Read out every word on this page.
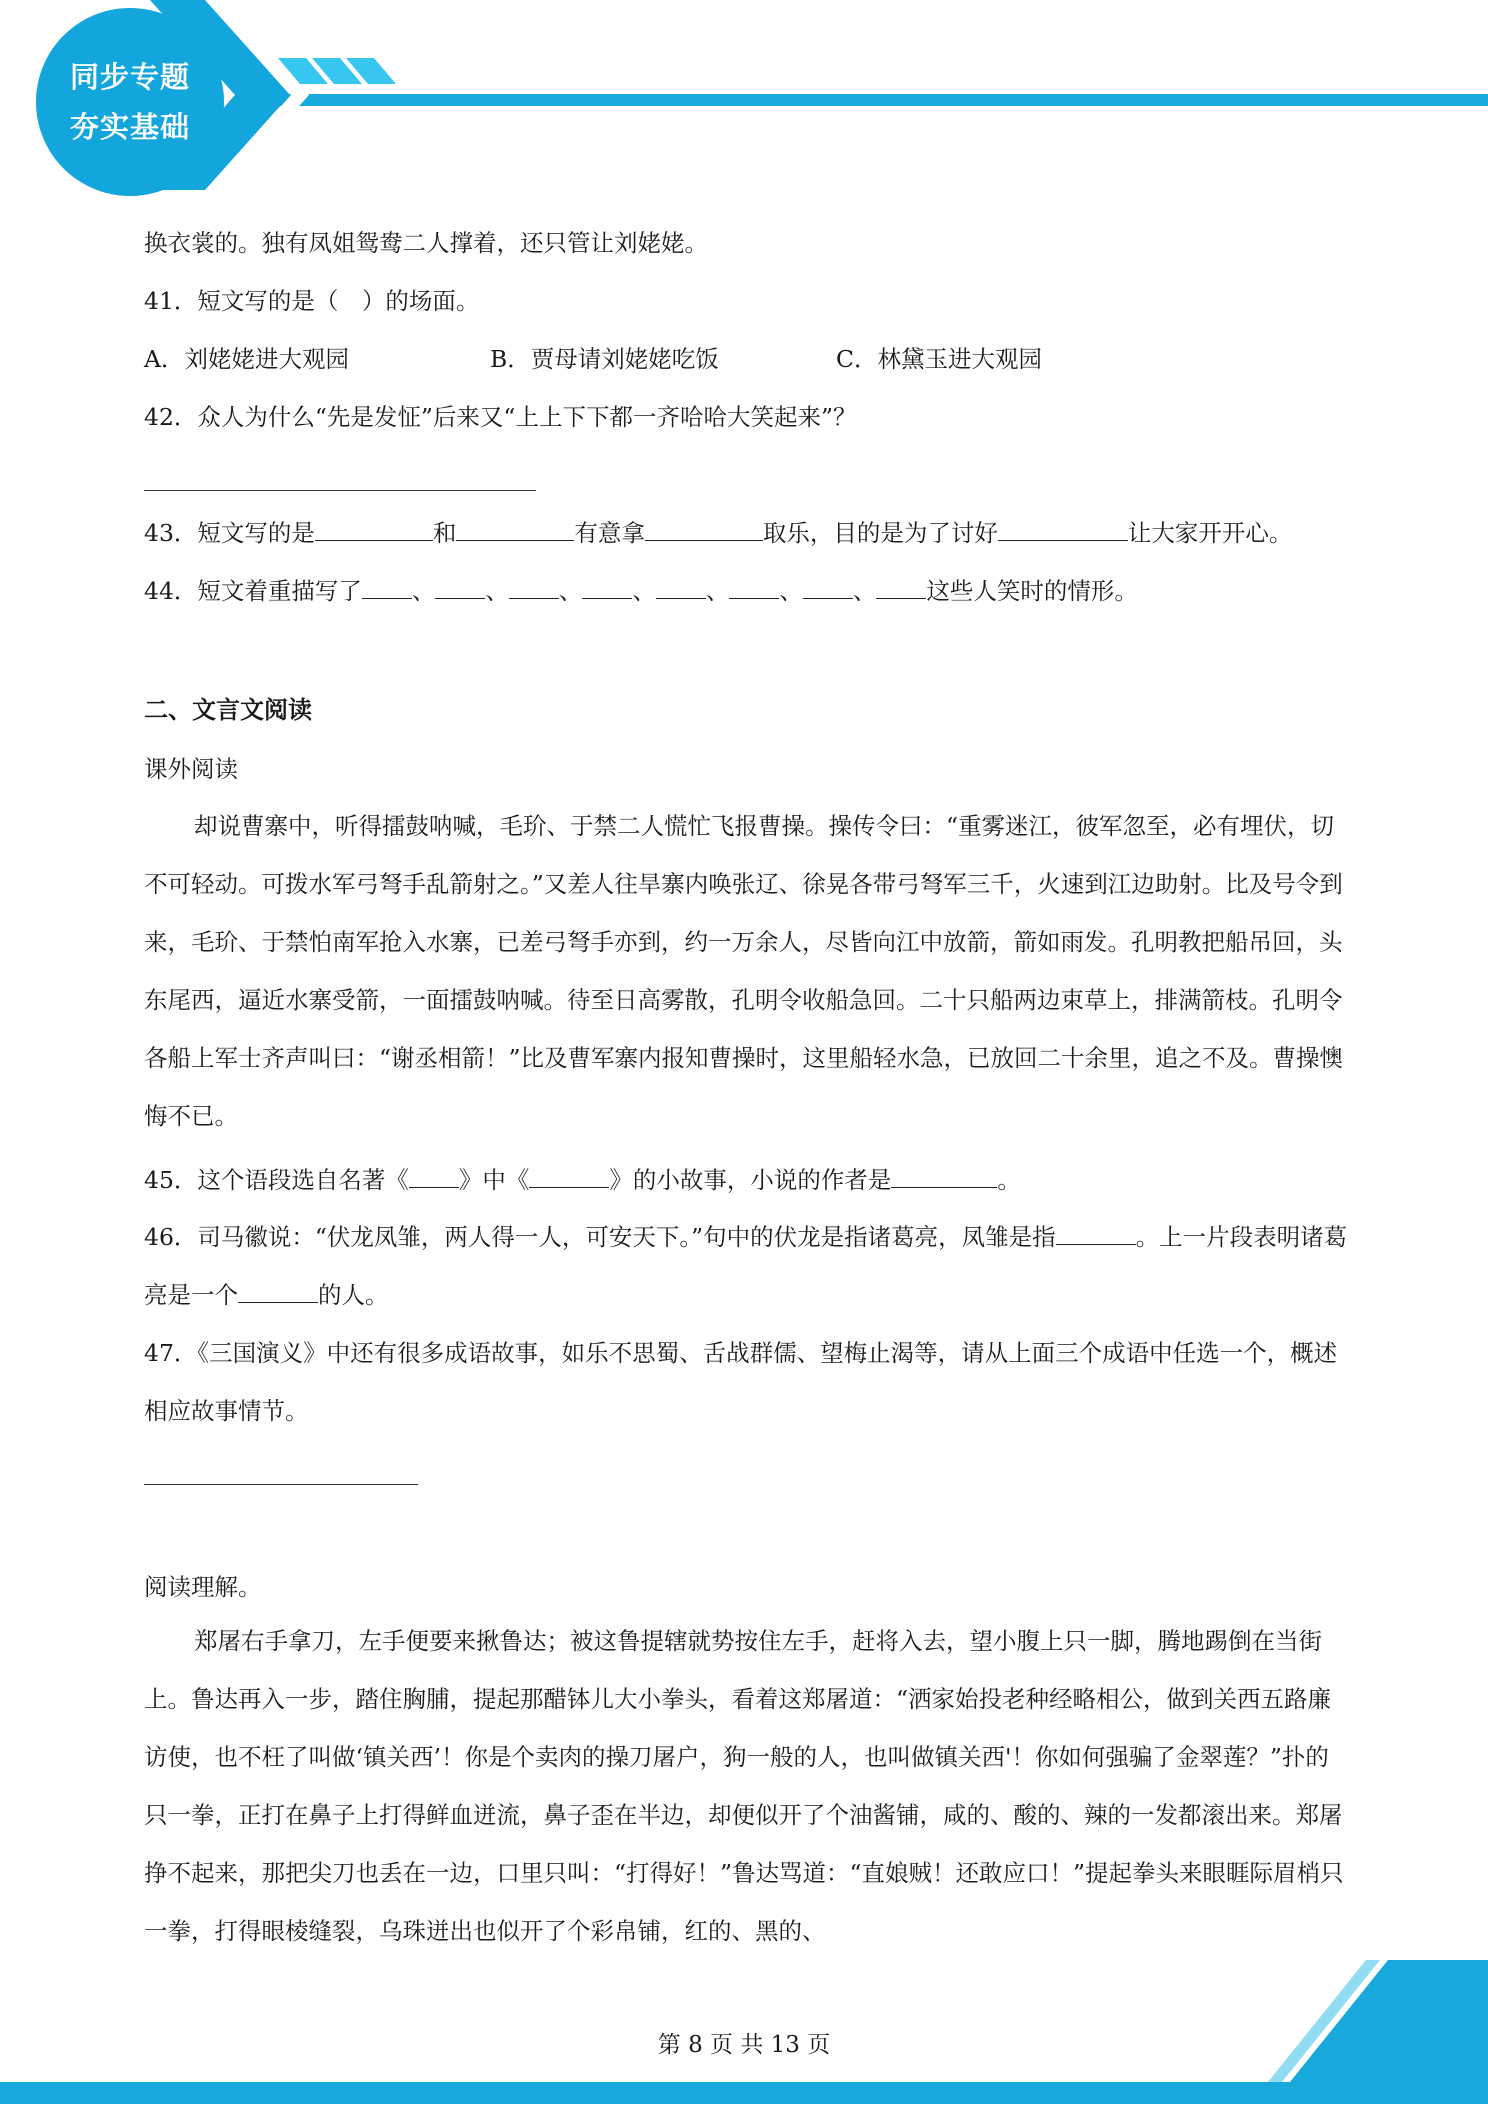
同步专题
夯实基础
换衣裳的。独有凤姐鸳鸯二人撑着，还只管让刘姥姥。
41．短文写的是（　）的场面。
A．刘姥姥进大观园	B．贾母请刘姥姥吃饭	C．林黛玉进大观园
42．众人为什么“先是发怔”后来又“上上下下都一齐哈哈大笑起来”？
43．短文写的是	和	有意拿	取乐，目的是为了讨好	让大家开开心。
44．短文着重描写了 、 、 、 、 、 、 、 这些人笑时的情形。
二、文言文阅读
课外阅读
却说曹寨中，听得擂鼓呐喊，毛玠、于禁二人慌忙飞报曹操。操传令曰：“重雾迷江，彼军忽至，必有埋伏，切不可轻动。可拨水军弓弩手乱箭射之。”又差人往旱寨内唤张辽、徐晃各带弓弩军三千，火速到江边助射。比及号令到来，毛玠、于禁怕南军抢入水寨，已差弓弩手亦到，约一万余人，尽皆向江中放箭，箭如雨发。孔明教把船吊回，头东尾西，逼近水寨受箭，一面擂鼓呐喊。待至日高雾散，孔明令收船急回。二十只船两边束草上，排满箭枝。孔明令各船上军士齐声叫曰：“谢丞相箭！”比及曹军寨内报知曹操时，这里船轻水急，已放回二十余里，追之不及。曹操懊悔不已。
45．这个语段选自名著《 》中《	》的小故事，小说的作者是	。
46．司马徽说：“伏龙凤雏，两人得一人，可安天下。”句中的伏龙是指诸葛亮，凤雏是指	。上一片段表明诸葛亮是一个	的人。
47．《三国演义》中还有很多成语故事，如乐不思蜀、舌战群儒、望梅止渴等，请从上面三个成语中任选一个，概述相应故事情节。
阅读理解。
郑屠右手拿刀，左手便要来揪鲁达；被这鲁提辖就势按住左手，赶将入去，望小腹上只一脚，腾地踢倒在当街上。鲁达再入一步，踏住胸脯，提起那醋钵儿大小拳头，看着这郑屠道：“洒家始投老种经略相公，做到关西五路廉访使，也不枉了叫做‘镇关西’！你是个卖肉的操刀屠户，狗一般的人，也叫做镇关西'！你如何强骗了金翠莲？”扑的只一拳，正打在鼻子上打得鲜血迸流，鼻子歪在半边，却便似开了个油酱铺，咸的、酸的、辣的一发都滚出来。郑屠挣不起来，那把尖刀也丢在一边，口里只叫：“打得好！”鲁达骂道：“直娘贼！还敢应口！”提起拳头来眼睚际眉梢只一拳，打得眼棱缝裂，乌珠迸出也似开了个彩帛铺，红的、黑的、
第 8 页 共 13 页
